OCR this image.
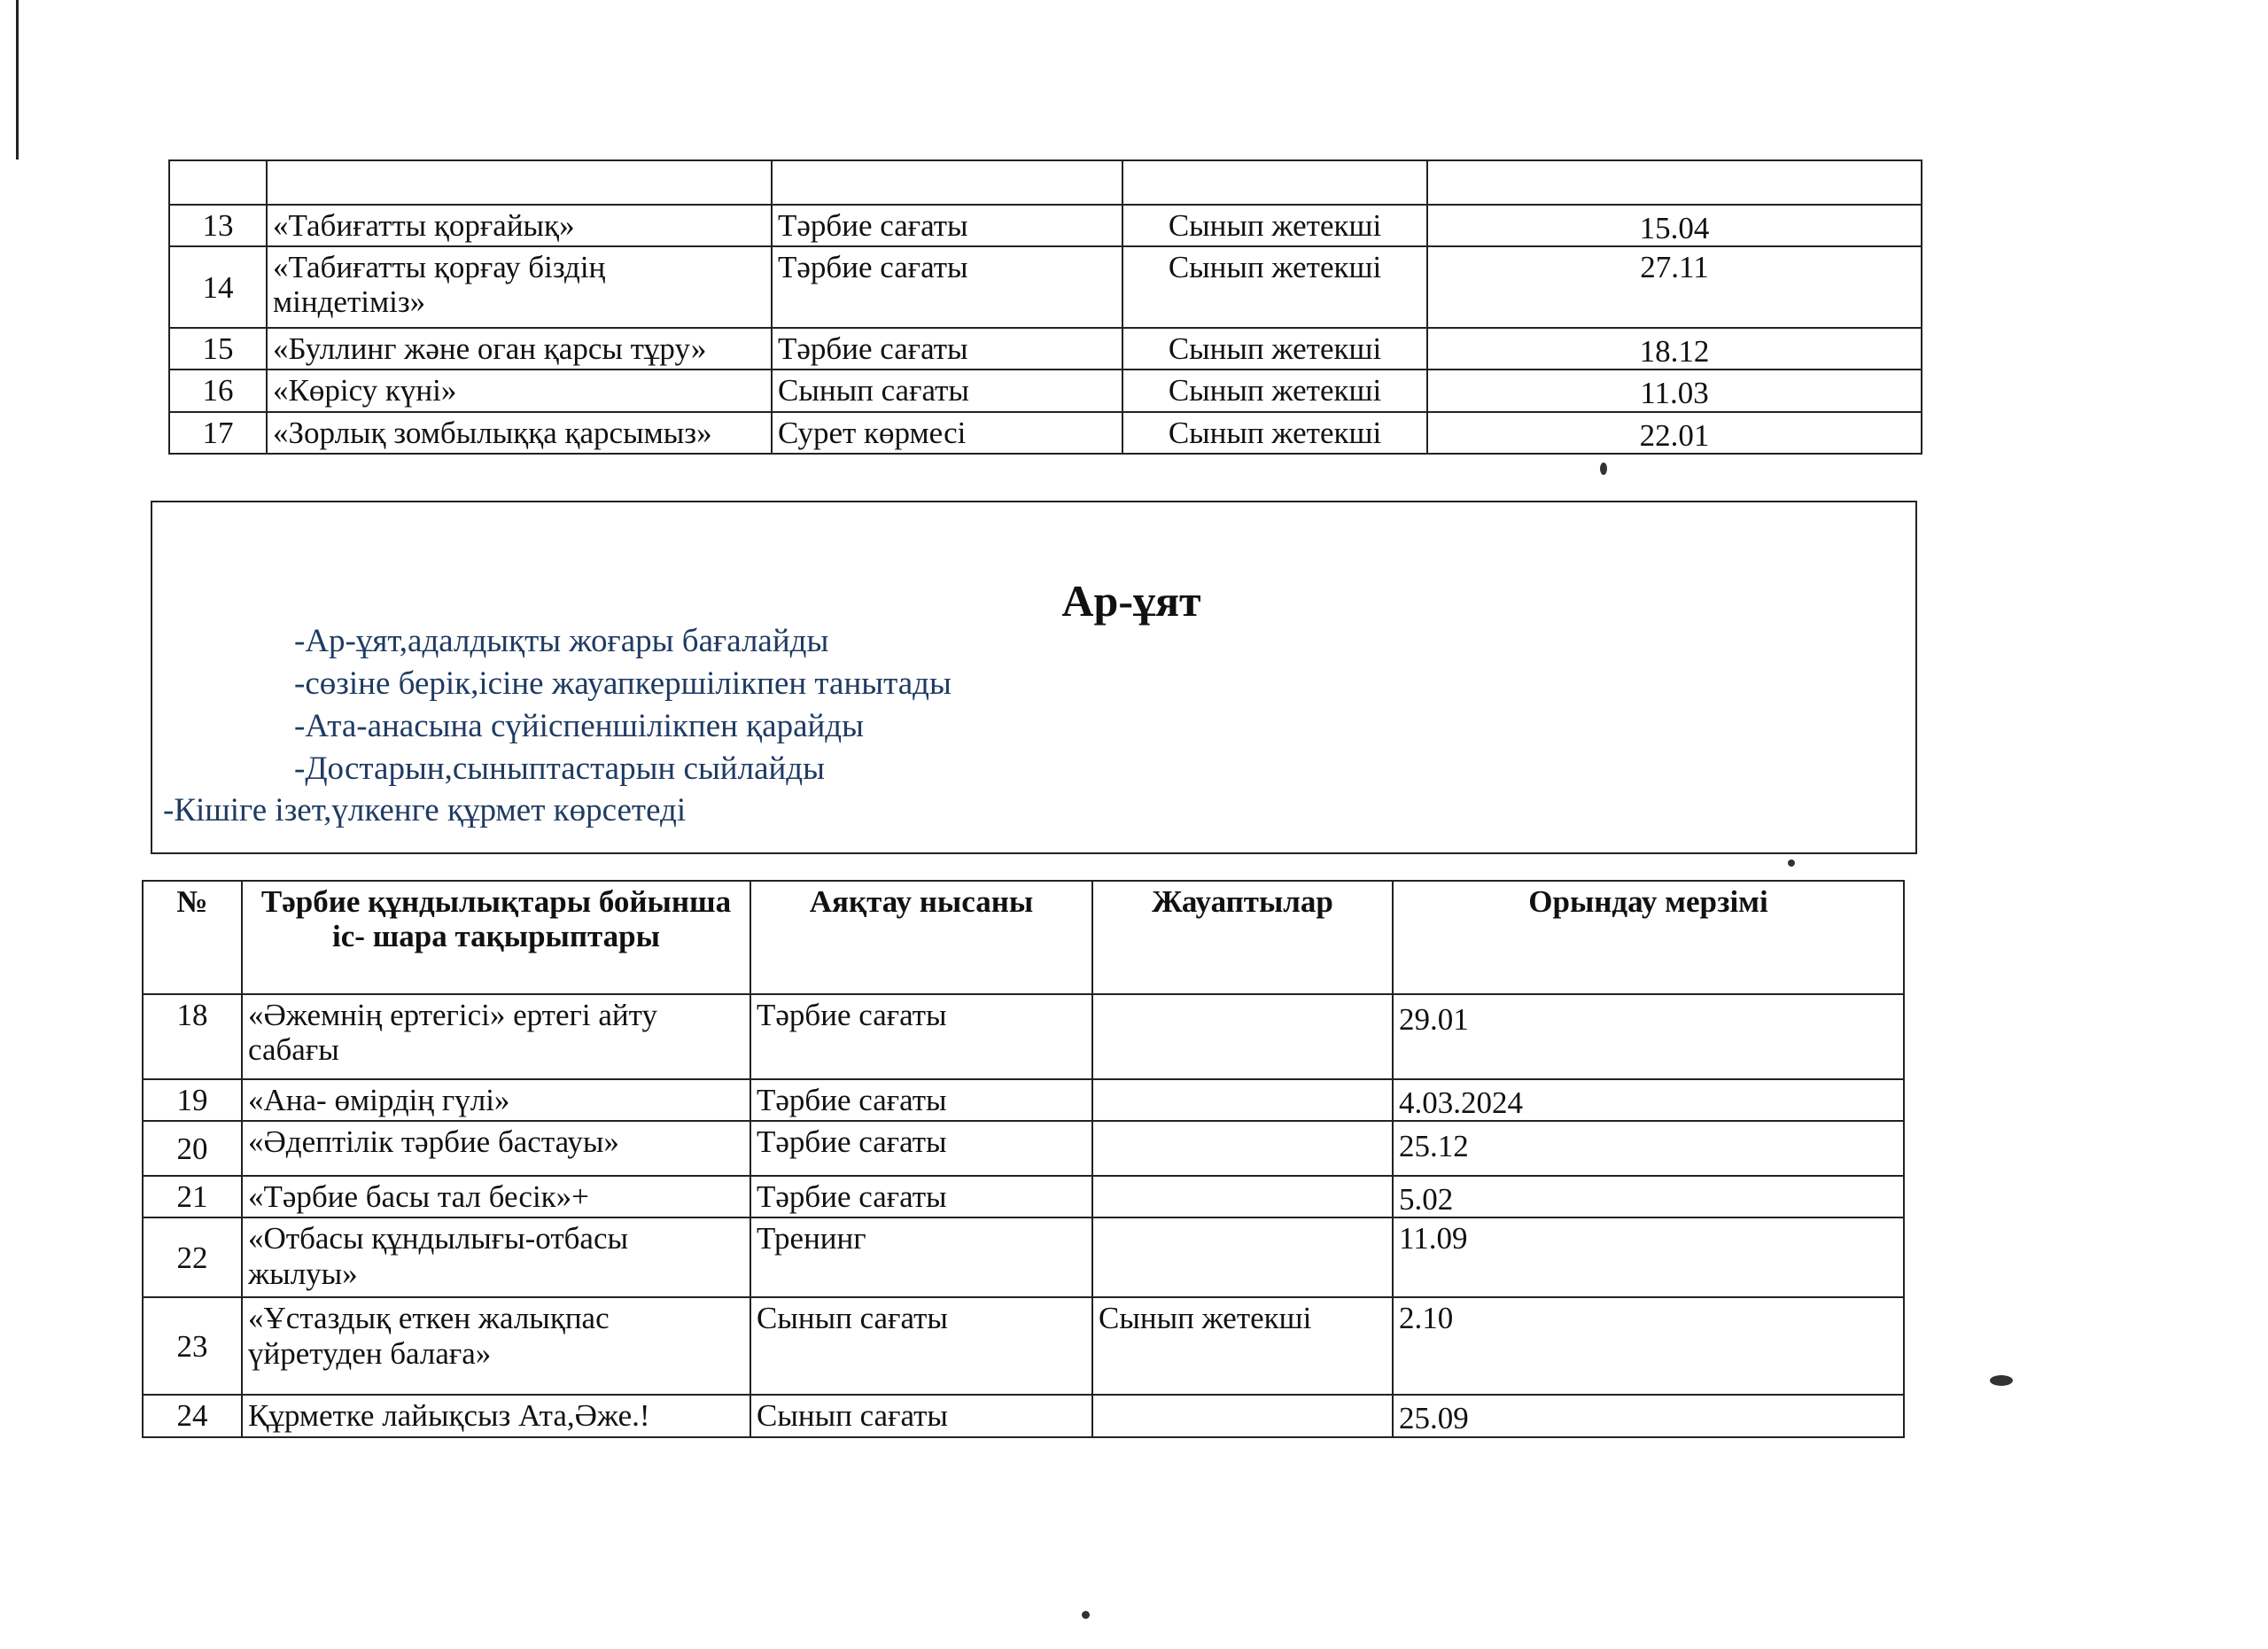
13	«Табиғатты қорғайық»	Тәрбие сағаты	Сынып жетекші	15.04
14	«Табиғатты қорғау біздің міндетіміз»	Тәрбие сағаты	Сынып жетекші	27.11
15	«Буллинг және оган қарсы тұру»	Тәрбие сағаты	Сынып жетекші	18.12
16	«Көрісу күні»	Сынып сағаты	Сынып жетекші	11.03
17	«Зорлық зомбылыққа қарсымыз»	Сурет көрмесі	Сынып жетекші	22.01
Ар-ұят
-Ар-ұят,адалдықты жоғары бағалайды
-сөзіне берік,ісіне жауапкершілікпен танытады
-Ата-анасына сүйіспеншілікпен қарайды
-Достарын,сыныптастарын сыйлайды
-Кішіге ізет,үлкенге құрмет көрсетеді
№	Тәрбие құндылықтары бойынша іс- шара тақырыптары	Аяқтау нысаны	Жауаптылар	Орындау мерзімі
18	«Әжемнің ертегісі» ертегі айту сабағы	Тәрбие сағаты		29.01
19	«Ана- өмірдің гүлі»	Тәрбие сағаты		4.03.2024
20	«Әдептілік тәрбие бастауы»	Тәрбие сағаты		25.12
21	«Тәрбие басы тал бесік»+	Тәрбие сағаты		5.02
22	«Отбасы құндылығы-отбасы жылуы»	Тренинг		11.09
23	«Ұстаздық еткен жалықпас үйретуден балаға»	Сынып сағаты	Сынып жетекші	2.10
24	Құрметке лайықсыз Ата,Әже.!	Сынып сағаты		25.09
